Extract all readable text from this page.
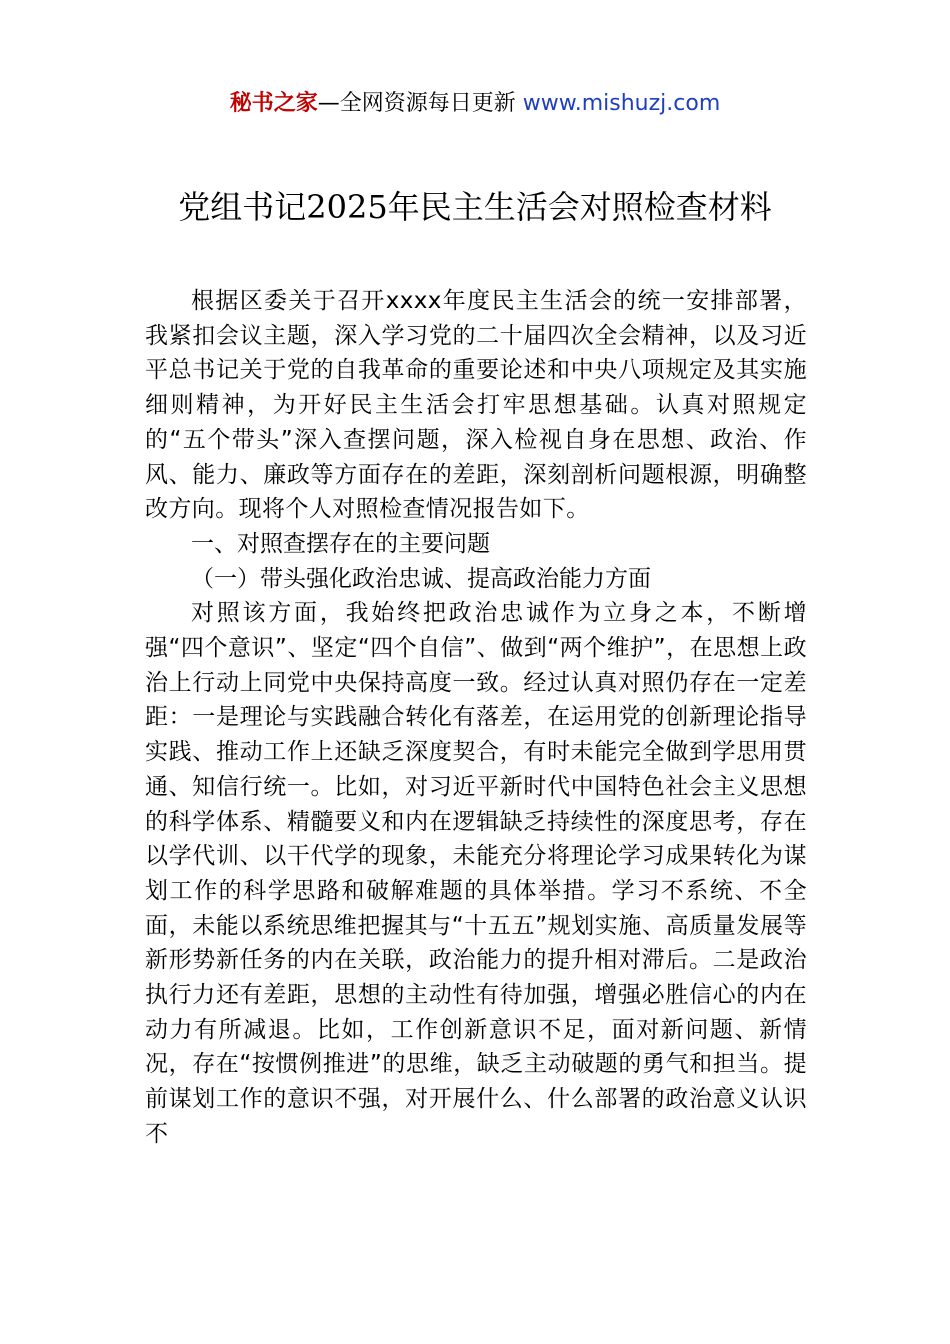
秘书之家—全网资源每日更新 www.mishuzj.com
党组书记2025年民主生活会对照检查材料

根据区委关于召开xxxx年度民主生活会的统一安排部署，我紧扣会议主题，深入学习党的二十届四次全会精神，以及习近平总书记关于党的自我革命的重要论述和中央八项规定及其实施细则精神，为开好民主生活会打牢思想基础。认真对照规定的“五个带头”深入查摆问题，深入检视自身在思想、政治、作风、能力、廉政等方面存在的差距，深刻剖析问题根源，明确整改方向。现将个人对照检查情况报告如下。

一、对照查摆存在的主要问题

（一）带头强化政治忠诚、提高政治能力方面

对照该方面，我始终把政治忠诚作为立身之本，不断增强“四个意识”、坚定“四个自信”、做到“两个维护”，在思想上政治上行动上同党中央保持高度一致。经过认真对照仍存在一定差距：一是理论与实践融合转化有落差，在运用党的创新理论指导实践、推动工作上还缺乏深度契合，有时未能完全做到学思用贯通、知信行统一。比如，对习近平新时代中国特色社会主义思想的科学体系、精髓要义和内在逻辑缺乏持续性的深度思考，存在以学代训、以干代学的现象，未能充分将理论学习成果转化为谋划工作的科学思路和破解难题的具体举措。学习不系统、不全面，未能以系统思维把握其与“十五五”规划实施、高质量发展等新形势新任务的内在关联，政治能力的提升相对滞后。二是政治执行力还有差距，思想的主动性有待加强，增强必胜信心的内在动力有所减退。比如，工作创新意识不足，面对新问题、新情况，存在“按惯例推进”的思维，缺乏主动破题的勇气和担当。提前谋划工作的意识不强，对开展什么、什么部署的政治意义认识不
